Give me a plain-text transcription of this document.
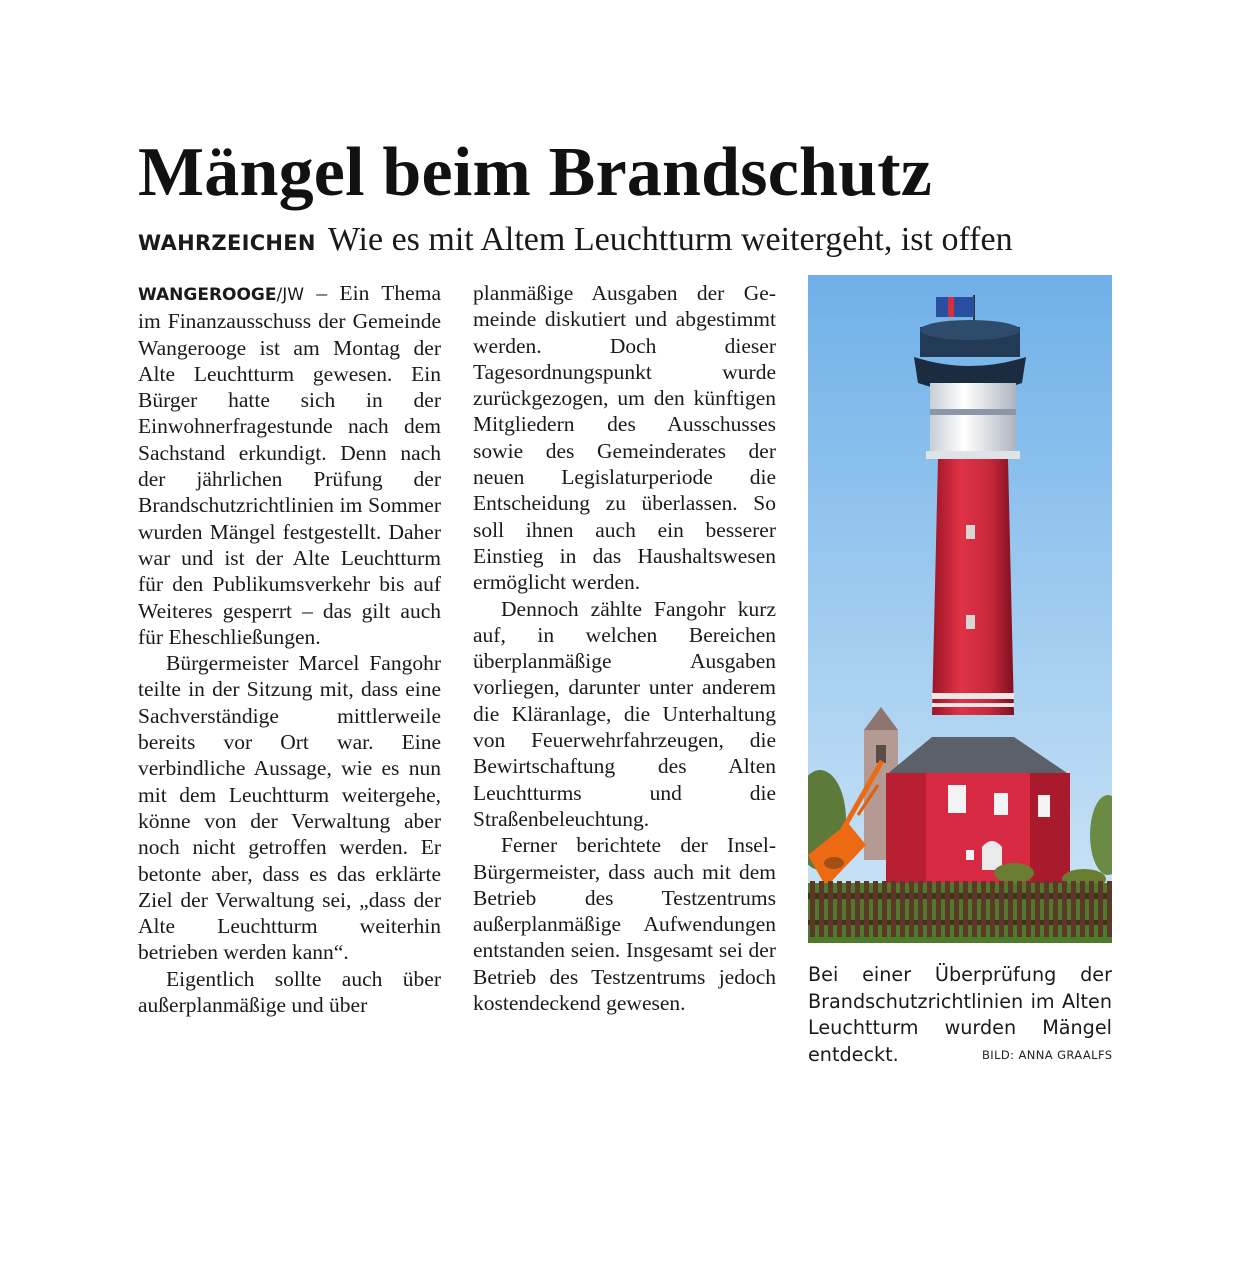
Mängel beim Brandschutz
WAHRZEICHEN Wie es mit Altem Leuchtturm weitergeht, ist offen

WANGEROOGE/JW – Ein Thema im Finanzausschuss der Gemeinde Wangerooge ist am Montag der Alte Leuchtturm gewesen. Ein Bürger hatte sich in der Einwohnerfragestunde nach dem Sachstand erkundigt. Denn nach der jährlichen Prüfung der Brandschutzrichtlinien im Sommer wurden Mängel festgestellt. Daher war und ist der Alte Leuchtturm für den Publikumsverkehr bis auf Weiteres gesperrt – das gilt auch für Eheschließungen.

Bürgermeister Marcel Fangohr teilte in der Sitzung mit, dass eine Sachverständige mittlerweile bereits vor Ort war. Eine verbindliche Aussage, wie es nun mit dem Leuchtturm weitergehe, könne von der Verwaltung aber noch nicht getroffen werden. Er betonte aber, dass es das erklärte Ziel der Verwaltung sei, „dass der Alte Leuchtturm weiterhin betrieben werden kann“.

Eigentlich sollte auch über außerplanmäßige und über

planmäßige Ausgaben der Gemeinde diskutiert und abgestimmt werden. Doch dieser Tagesordnungspunkt wurde zurückgezogen, um den künftigen Mitgliedern des Ausschusses sowie des Gemeinderates der neuen Legislaturperiode die Entscheidung zu überlassen. So soll ihnen auch ein besserer Einstieg in das Haushaltswesen ermöglicht werden.

Dennoch zählte Fangohr kurz auf, in welchen Bereichen überplanmäßige Ausgaben vorliegen, darunter unter anderem die Kläranlage, die Unterhaltung von Feuerwehrfahrzeugen, die Bewirtschaftung des Alten Leuchtturms und die Straßenbeleuchtung.

Ferner berichtete der Insel-Bürgermeister, dass auch mit dem Betrieb des Testzentrums außerplanmäßige Aufwendungen entstanden seien. Insgesamt sei der Betrieb des Testzentrums jedoch kostendeckend gewesen.

Bei einer Überprüfung der Brandschutzrichtlinien im Alten Leuchtturm wurden Mängel entdeckt.	BILD: ANNA GRAALFS
